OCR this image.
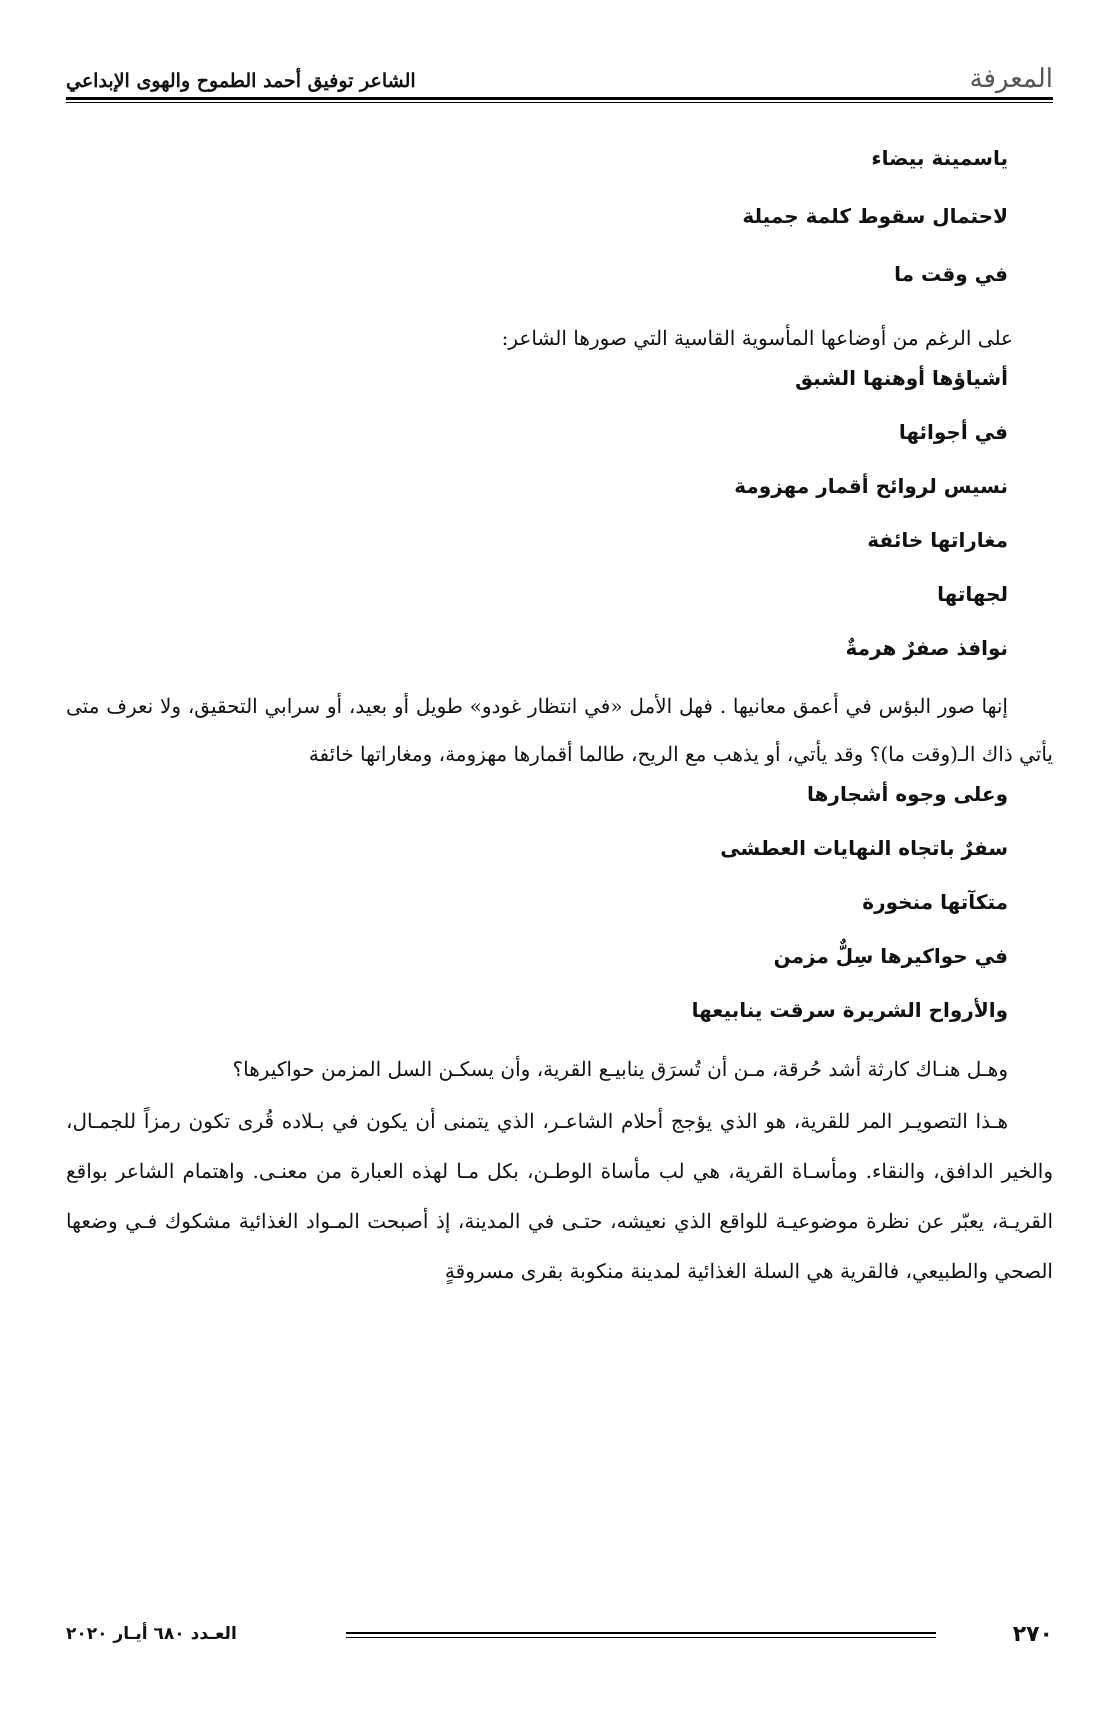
المعرفة
الشاعر توفيق أحمد الطموح والهوى الإبداعي
ياسمينة بيضاء
لاحتمال سقوط كلمة جميلة
في وقت ما

على الرغم من أوضاعها المأسوية القاسية التي صورها الشاعر:

أشياؤها أوهنها الشبق
في أجوائها
نسيس لروائح أقمار مهزومة
مغاراتها خائفة
لجهاتها
نوافذ صفرٌ هرمةٌ

إنها صور البؤس في أعمق معانيها . فهل الأمل «في انتظار غودو» طويل أو بعيد، أو سرابي التحقيق، ولا نعرف متى يأتي ذاك الـ(وقت ما)؟ وقد يأتي، أو يذهب مع الريح، طالما أقمارها مهزومة، ومغاراتها خائفة

وعلى وجوه أشجارها
سفرٌ باتجاه النهايات العطشى
متكآتها منخورة
في حواكيرها سِلٌّ مزمن
والأرواح الشريرة سرقت ينابيعها

وهـل هنـاك كارثة أشد حُرقة، مـن أن تُسرَق ينابيـع القرية، وأن يسكـن السل المزمن حواكيرها؟

هـذا التصويـر المر للقرية، هو الذي يؤجج أحلام الشاعـر، الذي يتمنى أن يكون في بـلاده قُرى تكون رمزاً للجمـال، والخير الدافق، والنقاء. ومأسـاة القرية، هي لب مأساة الوطـن، بكل مـا لهذه العبارة من معنـى. واهتمام الشاعر بواقع القريـة، يعبّر عن نظرة موضوعيـة للواقع الذي نعيشه، حتـى في المدينة، إذ أصبحت المـواد الغذائية مشكوك فـي وضعها الصحي والطبيعي، فالقرية هي السلة الغذائية لمدينة منكوبة بقرى مسروقةٍ

٢٧٠
العـدد ٦٨٠ أيـار ٢٠٢٠
